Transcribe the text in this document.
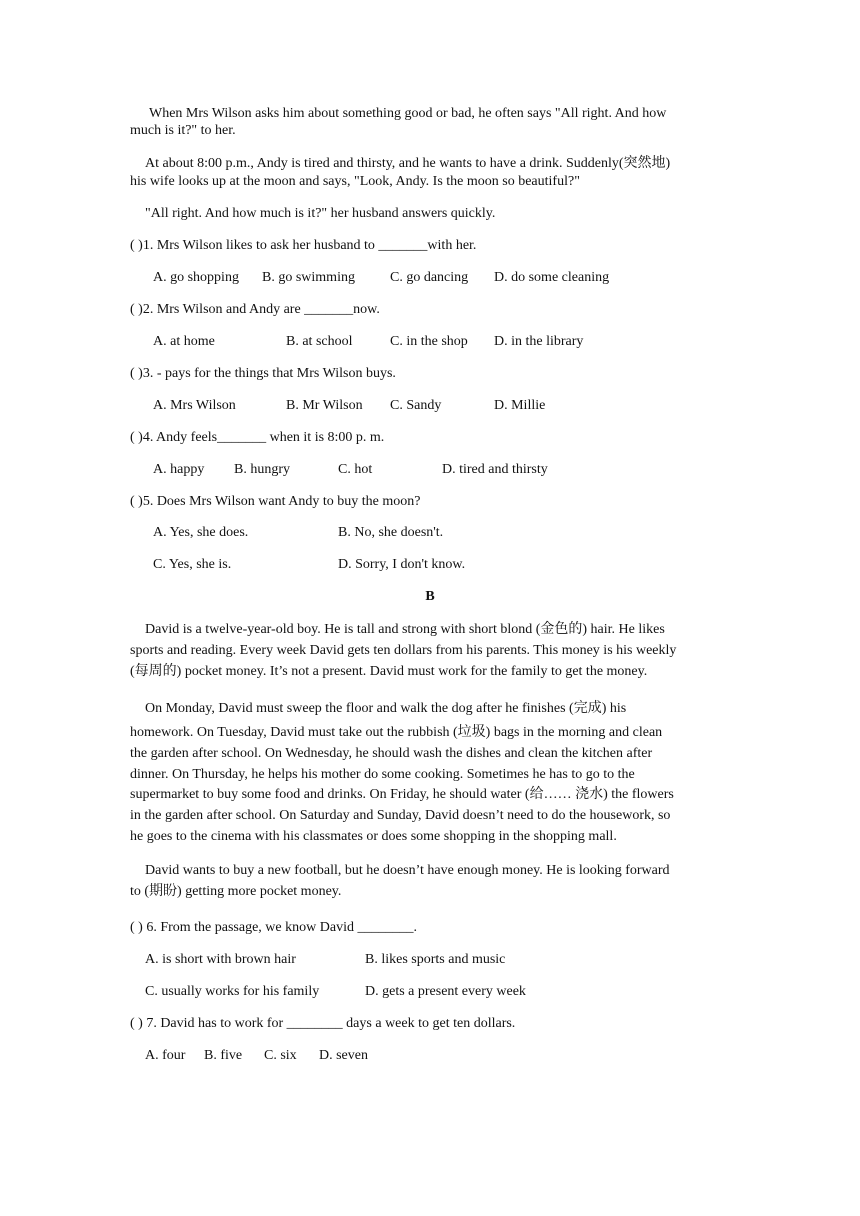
When Mrs Wilson asks him about something good or bad, he often says "All right. And how
much is it?" to her.
At about 8:00 p.m., Andy is tired and thirsty, and he wants to have a drink. Suddenly(突然地)
his wife looks up at the moon and says, "Look, Andy. Is the moon so beautiful?"
"All right. And how much is it?" her husband answers quickly.
( )1. Mrs Wilson likes to ask her husband to _______with her.
A. go shopping B. go swimming	C. go dancing D. do some cleaning
( )2. Mrs Wilson and Andy are _______now.
A. at home	B. at school	C. in the shop D. in the library
( )3. - pays for the things that Mrs Wilson buys.
A. Mrs Wilson	B. Mr Wilson C. Sandy	D. Millie
( )4. Andy feels_______ when it is 8:00 p. m.
A. happy B. hungry	C. hot	D. tired and thirsty
( )5. Does Mrs Wilson want Andy to buy the moon?
A. Yes, she does.	B. No, she doesn't.
C. Yes, she is.	D. Sorry, I don't know.
B
David is a twelve-year-old boy. He is tall and strong with short blond (金色的) hair. He likes
sports and reading. Every week David gets ten dollars from his parents. This money is his weekly
(每周的) pocket money. It’s not a present. David must work for the family to get the money.
On Monday, David must sweep the floor and walk the dog after he finishes (完成) his
homework. On Tuesday, David must take out the rubbish (垃圾) bags in the morning and clean
the garden after school. On Wednesday, he should wash the dishes and clean the kitchen after
dinner. On Thursday, he helps his mother do some cooking. Sometimes he has to go to the
supermarket to buy some food and drinks. On Friday, he should water (给…… 浇水) the flowers
in the garden after school. On Saturday and Sunday, David doesn’t need to do the housework, so
he goes to the cinema with his classmates or does some shopping in the shopping mall.
David wants to buy a new football, but he doesn’t have enough money. He is looking forward
to (期盼) getting more pocket money.
( ) 6. From the passage, we know David ________.
A. is short with brown hair	B. likes sports and music
C. usually works for his family	D. gets a present every week
( ) 7. David has to work for ________ days a week to get ten dollars.
A. four B. five C. six D. seven
